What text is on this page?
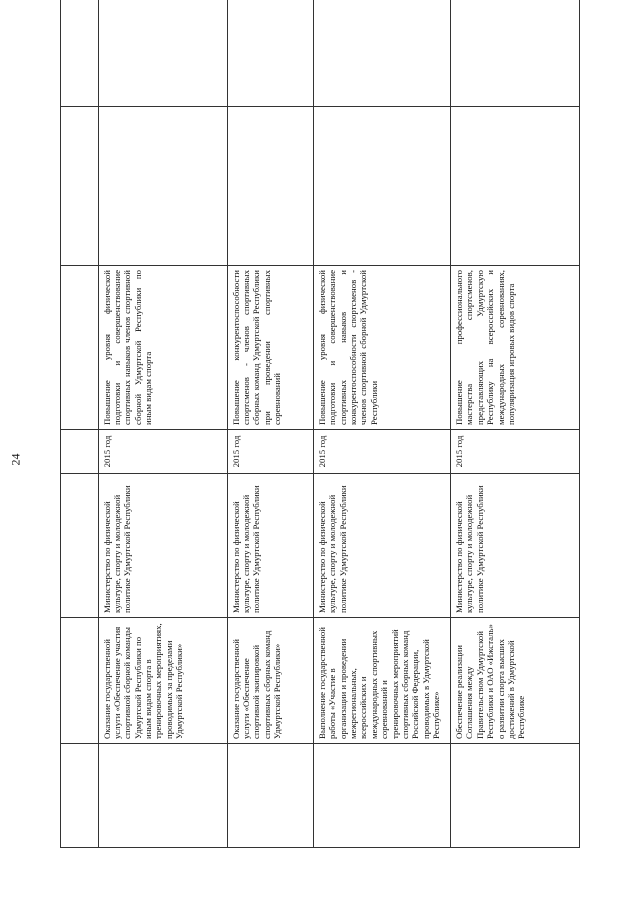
24

	Оказание государственной услуги «Обеспечение участия спортивной сборной команды Удмуртской Республики по иным видам спорта в тренировочных мероприятиях, проводимых за пределами Удмуртской Республики»	Министерство по физической культуре, спорту и молодежной политике Удмуртской Республики	2015 год	Повышение уровня физической подготовки и совершенствование спортивных навыков членов спортивной сборной Удмуртской Республики по иным видам спорта		
	Оказание государственной услуги «Обеспечение спортивной экипировкой спортивных сборных команд Удмуртской Республики»	Министерство по физической культуре, спорту и молодежной политике Удмуртской Республики	2015 год	Повышение конкурентоспособности спортсменов - членов спортивных сборных команд Удмуртской Республики при проведении спортивных соревнований		
	Выполнение государственной работы «Участие в организации и проведении межрегиональных, всероссийских и международных спортивных соревнований и тренировочных мероприятий спортивных сборных команд Российской Федерации, проводимых в Удмуртской Республике»	Министерство по физической культуре, спорту и молодежной политике Удмуртской Республики	2015 год	Повышение уровня физической подготовки и совершенствование спортивных навыков и конкурентоспособности спортсменов - членов спортивной сборной Удмуртской Республики		
	Обеспечение реализации Соглашения между Правительством Удмуртской Республики и ОАО «Ижсталь» о развитии спорта высших достижений в Удмуртской Республике	Министерство по физической культуре, спорту и молодежной политике Удмуртской Республики	2015 год	Повышение профессионального мастерства спортсменов, представляющих Удмуртскую Республику на всероссийских и международных соревнованиях, популяризация игровых видов спорта		
